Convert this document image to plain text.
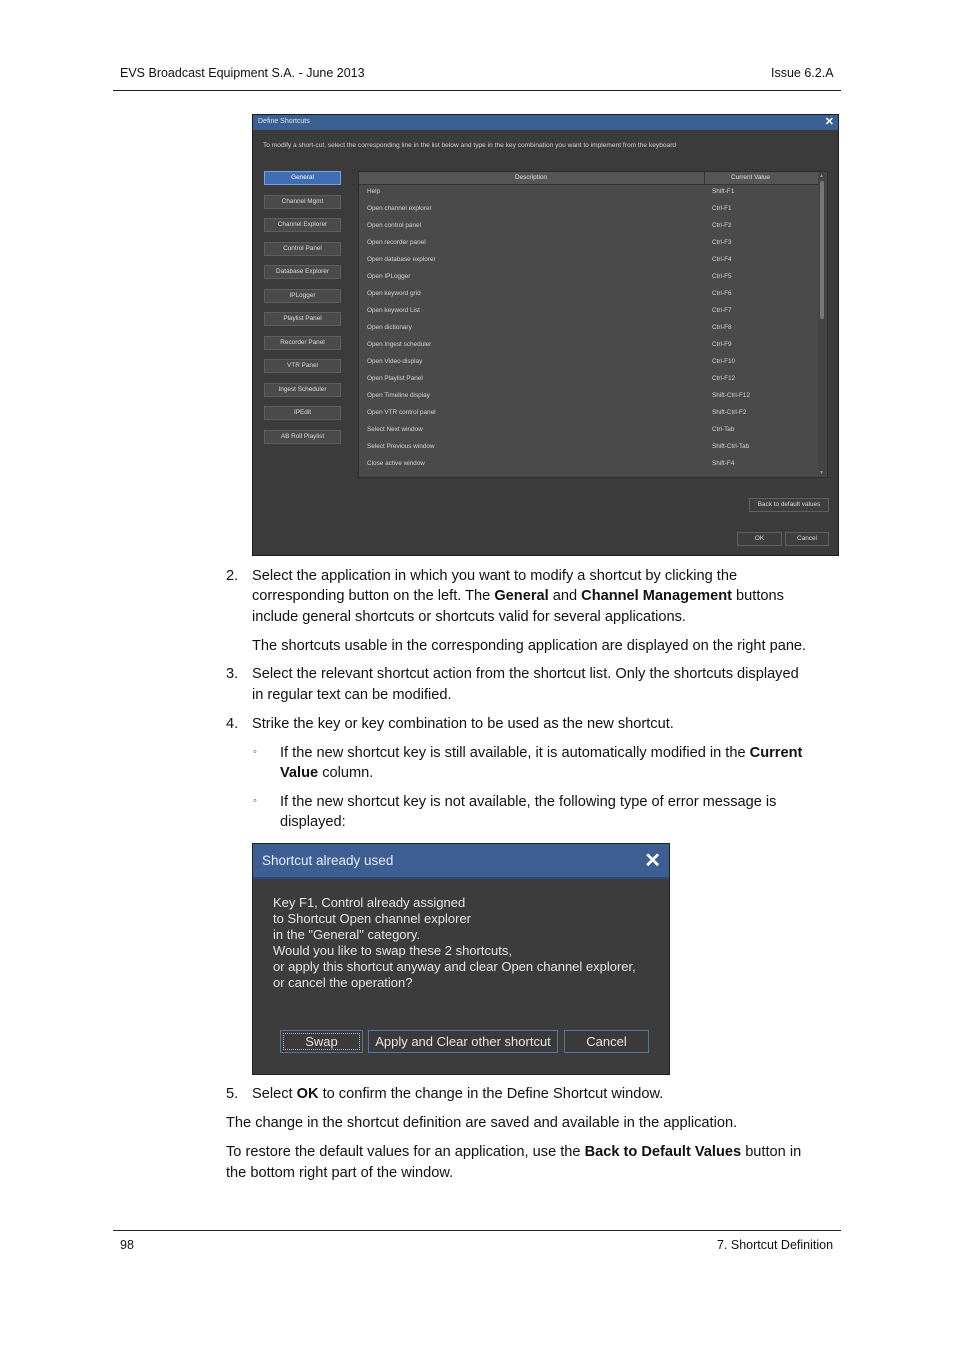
EVS Broadcast Equipment S.A. - June 2013	Issue 6.2.A
Define Shortcuts	✕
To modify a short-cut, select the corresponding line in the list below and type in the key combination you want to implement from the keyboard
General
Channel Mgmt
Channel Explorer
Control Panel
Database Explorer
IPLogger
Playlist Panel
Recorder Panel
VTR Panel
Ingest Scheduler
IPEdit
AB Roll Playlist
Description	Current Value
Help	Shift-F1
Open channel explorer	Ctrl-F1
Open control panel	Ctrl-F2
Open recorder panel	Ctrl-F3
Open database explorer	Ctrl-F4
Open IPLogger	Ctrl-F5
Open keyword grid	Ctrl-F6
Open keyword List	Ctrl-F7
Open dictionary	Ctrl-F8
Open Ingest scheduler	Ctrl-F9
Open Video display	Ctrl-F10
Open Playlist Panel	Ctrl-F12
Open Timeline display	Shift-Ctrl-F12
Open VTR control panel	Shift-Ctrl-F2
Select Next window	Ctrl-Tab
Select Previous window	Shift-Ctrl-Tab
Close active window	Shift-F4
▲
▼
Back to default values
OK	Cancel
2. Select the application in which you want to modify a shortcut by clicking the
corresponding button on the left. The General and Channel Management buttons
include general shortcuts or shortcuts valid for several applications.
The shortcuts usable in the corresponding application are displayed on the right pane.
3. Select the relevant shortcut action from the shortcut list. Only the shortcuts displayed
in regular text can be modified.
4. Strike the key or key combination to be used as the new shortcut.
◦ If the new shortcut key is still available, it is automatically modified in the Current
Value column.
◦ If the new shortcut key is not available, the following type of error message is
displayed:
Shortcut already used	✕
Key F1, Control already assigned
to Shortcut Open channel explorer
in the "General" category.
Would you like to swap these 2 shortcuts,
or apply this shortcut anyway and clear Open channel explorer,
or cancel the operation?
Swap	Apply and Clear other shortcut	Cancel
5. Select OK to confirm the change in the Define Shortcut window.
The change in the shortcut definition are saved and available in the application.
To restore the default values for an application, use the Back to Default Values button in
the bottom right part of the window.
98	7. Shortcut Definition
